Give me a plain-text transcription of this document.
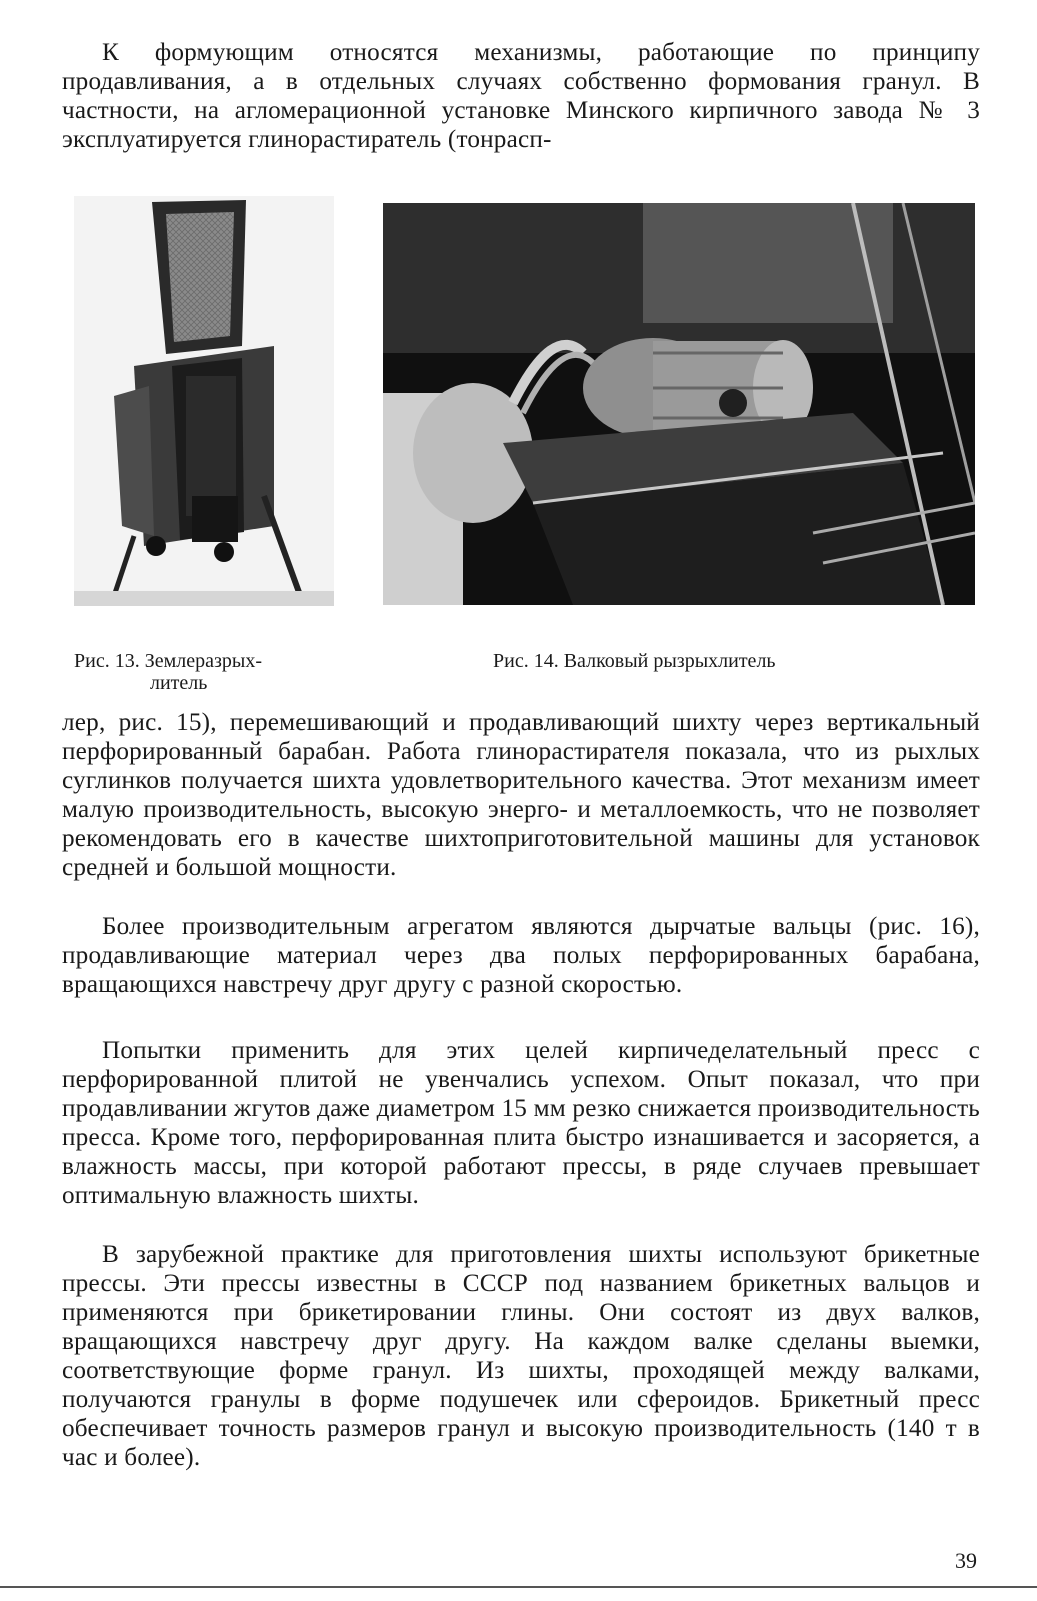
К формующим относятся механизмы, работающие по принципу продавливания, а в отдельных случаях собственно формования гранул. В частности, на агломерационной установке Минского кирпичного завода № 3 эксплуатируется глинорастиратель (тонрасп-

Рис. 13. Землеразрых-
литель

Рис. 14. Валковый рызрыхлитель

лер, рис. 15), перемешивающий и продавливающий шихту через вертикальный перфорированный барабан. Работа глинорастирателя показала, что из рыхлых суглинков получается шихта удовлетворительного качества. Этот механизм имеет малую производительность, высокую энерго- и металлоемкость, что не позволяет рекомендовать его в качестве шихтоприготовительной машины для установок средней и большой мощности.

Более производительным агрегатом являются дырчатые вальцы (рис. 16), продавливающие материал через два полых перфорированных барабана, вращающихся навстречу друг другу с разной скоростью.

Попытки применить для этих целей кирпичеделательный пресс с перфорированной плитой не увенчались успехом. Опыт показал, что при продавливании жгутов даже диаметром 15 мм резко снижается производительность пресса. Кроме того, перфорированная плита быстро изнашивается и засоряется, а влажность массы, при которой работают прессы, в ряде случаев превышает оптимальную влажность шихты.

В зарубежной практике для приготовления шихты используют брикетные прессы. Эти прессы известны в СССР под названием брикетных вальцов и применяются при брикетировании глины. Они состоят из двух валков, вращающихся навстречу друг другу. На каждом валке сделаны выемки, соответствующие форме гранул. Из шихты, проходящей между валками, получаются гранулы в форме подушечек или сфероидов. Брикетный пресс обеспечивает точность размеров гранул и высокую производительность (140 т в час и более).

39
